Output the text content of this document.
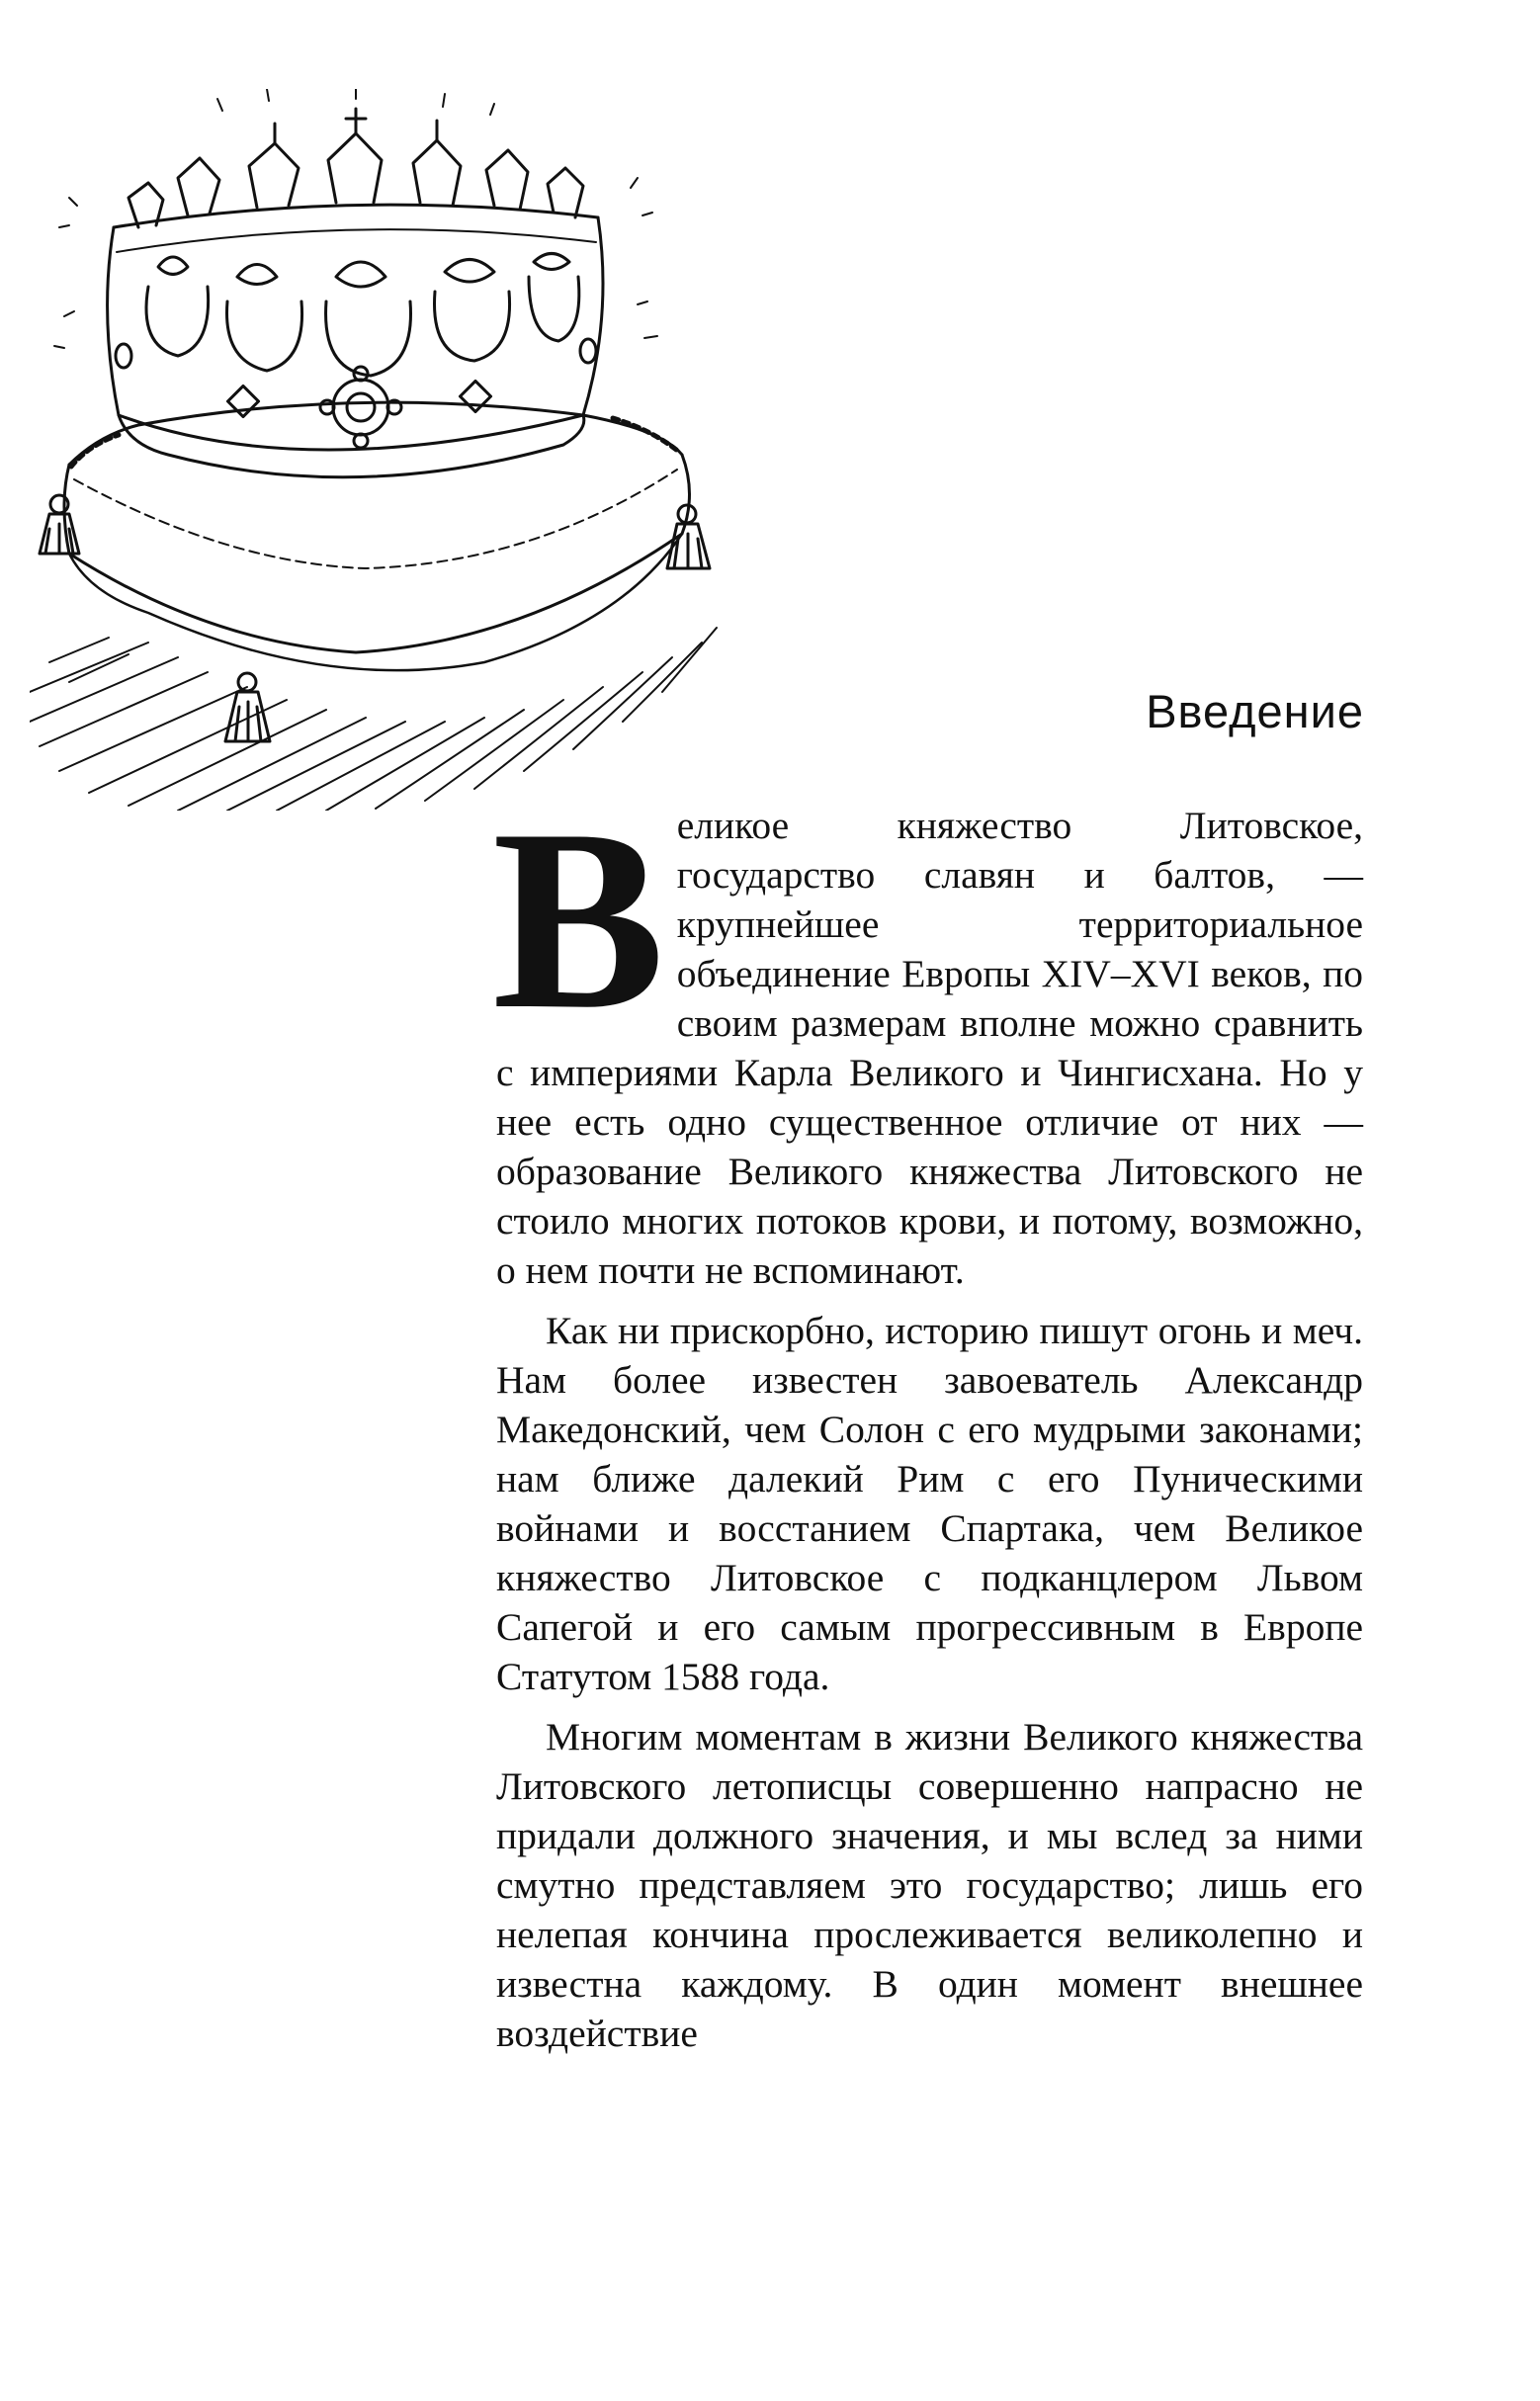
Введение

Великое княжество Литовское, государство славян и балтов, — крупнейшее территориальное объединение Европы XIV–XVI веков, по своим размерам вполне можно сравнить с империями Карла Великого и Чингисхана. Но у нее есть одно существенное отличие от них — образование Великого княжества Литовского не стоило многих потоков крови, и потому, возможно, о нем почти не вспоминают.

Как ни прискорбно, историю пишут огонь и меч. Нам более известен завоеватель Александр Македонский, чем Солон с его мудрыми законами; нам ближе далекий Рим с его Пуническими войнами и восстанием Спартака, чем Великое княжество Литовское с подканцлером Львом Сапегой и его самым прогрессивным в Европе Статутом 1588 года.

Многим моментам в жизни Великого княжества Литовского летописцы совершенно напрасно не придали должного значения, и мы вслед за ними смутно представляем это государство; лишь его нелепая кончина прослеживается великолепно и известна каждому. В один момент внешнее воздействие
